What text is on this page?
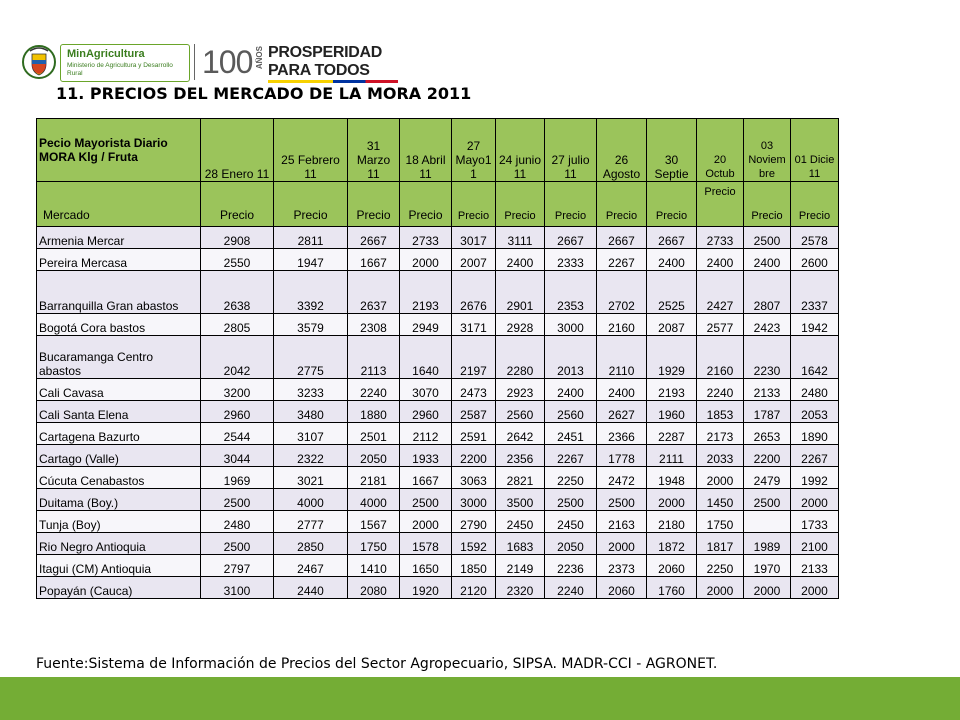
MinAgricultura
Ministerio de Agricultura y Desarrollo Rural	100 AÑOS PROSPERIDAD
PARA TODOS
11. PRECIOS DEL MERCADO DE LA MORA 2011
Pecio Mayorista Diario MORA Klg / Fruta	28 Enero 11	25 Febrero 11	31 Marzo 11	18 Abril 11	27 Mayo1 1	24 junio 11	27 julio 11	26 Agosto	30 Septie	20 Octub	03 Noviem bre	01 Dicie 11
Mercado	Precio	Precio	Precio	Precio	Precio	Precio	Precio	Precio	Precio	Precio	Precio	Precio
Armenia Mercar	2908	2811	2667	2733	3017	3111	2667	2667	2667	2733	2500	2578
Pereira Mercasa	2550	1947	1667	2000	2007	2400	2333	2267	2400	2400	2400	2600
Barranquilla Gran abastos	2638	3392	2637	2193	2676	2901	2353	2702	2525	2427	2807	2337
Bogotá Cora bastos	2805	3579	2308	2949	3171	2928	3000	2160	2087	2577	2423	1942
Bucaramanga Centro abastos	2042	2775	2113	1640	2197	2280	2013	2110	1929	2160	2230	1642
Cali Cavasa	3200	3233	2240	3070	2473	2923	2400	2400	2193	2240	2133	2480
Cali Santa Elena	2960	3480	1880	2960	2587	2560	2560	2627	1960	1853	1787	2053
Cartagena Bazurto	2544	3107	2501	2112	2591	2642	2451	2366	2287	2173	2653	1890
Cartago (Valle)	3044	2322	2050	1933	2200	2356	2267	1778	2111	2033	2200	2267
Cúcuta Cenabastos	1969	3021	2181	1667	3063	2821	2250	2472	1948	2000	2479	1992
Duitama (Boy.)	2500	4000	4000	2500	3000	3500	2500	2500	2000	1450	2500	2000
Tunja (Boy)	2480	2777	1567	2000	2790	2450	2450	2163	2180	1750		1733
Rio Negro Antioquia	2500	2850	1750	1578	1592	1683	2050	2000	1872	1817	1989	2100
Itagui (CM) Antioquia	2797	2467	1410	1650	1850	2149	2236	2373	2060	2250	1970	2133
Popayán (Cauca)	3100	2440	2080	1920	2120	2320	2240	2060	1760	2000	2000	2000
Fuente:Sistema de Información de Precios del Sector Agropecuario, SIPSA. MADR-CCI - AGRONET.
